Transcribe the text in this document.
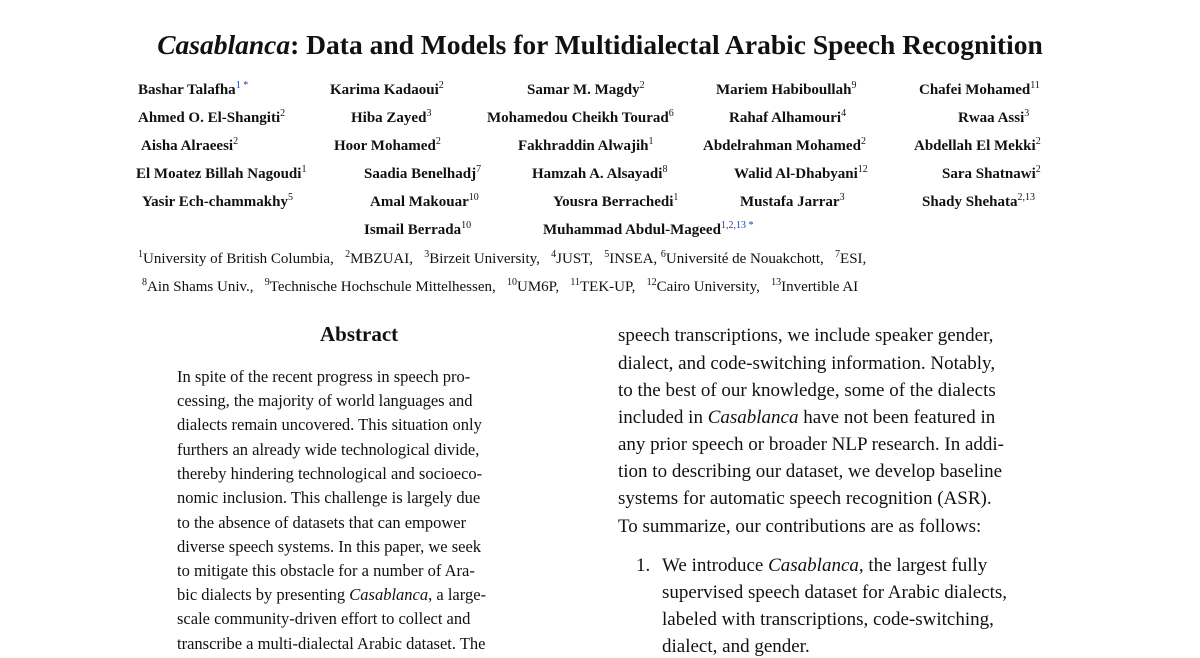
Casablanca: Data and Models for Multidialectal Arabic Speech Recognition
Bashar Talafha$^{1 *}$	Karima Kadaoui$^2$	Samar M. Magdy$^2$	Mariem Habiboullah$^9$	Chafei Mohamed$^{11}$
Ahmed O. El-Shangiti$^2$	Hiba Zayed$^3$	Mohamedou Cheikh Tourad$^6$	Rahaf Alhamouri$^4$	Rwaa Assi$^3$
Aisha Alraeesi$^2$	Hoor Mohamed$^2$	Fakhraddin Alwajih$^1$	Abdelrahman Mohamed$^2$	Abdellah El Mekki$^2$
El Moatez Billah Nagoudi$^1$	Saadia Benelhadj$^7$	Hamzah A. Alsayadi$^8$	Walid Al-Dhabyani$^{12}$	Sara Shatnawi$^2$
Yasir Ech-chammakhy$^5$	Amal Makouar$^{10}$	Yousra Berrachedi$^1$	Mustafa Jarrar$^3$	Shady Shehata$^{2,13}$
Ismail Berrada$^{10}$	Muhammad Abdul-Mageed$^{1,2,13 *}$
$^1$University of British Columbia, $^2$MBZUAI, $^3$Birzeit University, $^4$JUST, $^5$INSEA, $^6$Université de Nouakchott, $^7$ESI,
$^8$Ain Shams Univ., $^9$Technische Hochschule Mittelhessen, $^{10}$UM6P, $^{11}$TEK-UP, $^{12}$Cairo University, $^{13}$Invertible AI
Abstract
In spite of the recent progress in speech pro-
cessing, the majority of world languages and
dialects remain uncovered. This situation only
furthers an already wide technological divide,
thereby hindering technological and socioeco-
nomic inclusion. This challenge is largely due
to the absence of datasets that can empower
diverse speech systems. In this paper, we seek
to mitigate this obstacle for a number of Ara-
bic dialects by presenting Casablanca, a large-
scale community-driven effort to collect and
transcribe a multi-dialectal Arabic dataset. The
speech transcriptions, we include speaker gender,
dialect, and code-switching information. Notably,
to the best of our knowledge, some of the dialects
included in Casablanca have not been featured in
any prior speech or broader NLP research. In addi-
tion to describing our dataset, we develop baseline
systems for automatic speech recognition (ASR).
To summarize, our contributions are as follows:
1. We introduce Casablanca, the largest fully
supervised speech dataset for Arabic dialects,
labeled with transcriptions, code-switching,
dialect, and gender.
